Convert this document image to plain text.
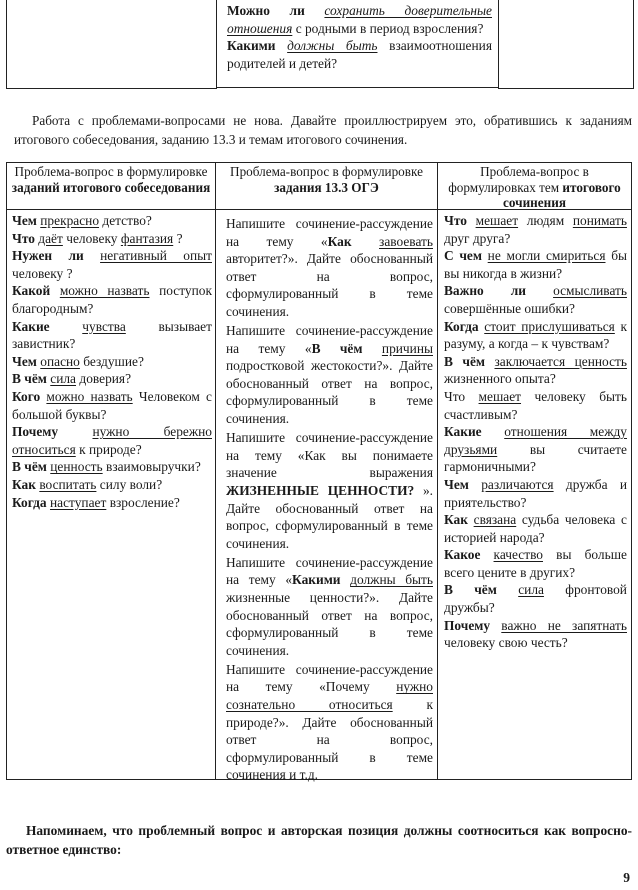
Можно ли сохранить доверительные отношения с родными в период взросления?
Какими должны быть взаимоотношения родителей и детей?
Работа с проблемами-вопросами не нова. Давайте проиллюстрируем это, обратившись к заданиям итогового собеседования, заданию 13.3 и темам итогового сочинения.
Проблема-вопрос в формулировке заданий итогового собеседования

Чем прекрасно детство?

Что даёт человеку фантазия ?

Нужен ли негативный опыт человеку ?

Какой можно назвать поступок благородным?

Какие чувства вызывает завистник?

Чем опасно бездушие?

В чём сила доверия?

Кого можно назвать Человеком с большой буквы?

Почему	нужно бережно относиться к природе?

В чём ценность взаимовыручки?

Как воспитать силу воли?

Когда наступает взросление?

Проблема-вопрос в формулировке задания 13.3 ОГЭ

Напишите сочинение-рассуждение на тему «Как завоевать авторитет?». Дайте обоснованный ответ на вопрос, сформулированный в теме сочинения.

Напишите сочинение-рассуждение на тему «В чём причины подростковой жестокости?». Дайте обоснованный ответ на вопрос, сформулированный в теме сочинения.

Напишите сочинение-рассуждение на тему «Как вы понимаете значение выражения ЖИЗНЕННЫЕ ЦЕННОСТИ? ». Дайте обоснованный ответ на вопрос, сформулированный в теме сочинения.

Напишите сочинение-рассуждение на тему «Какими должны быть жизненные ценности?». Дайте обоснованный ответ на вопрос, сформулированный в теме сочинения.

Напишите сочинение-рассуждение на тему «Почему нужно сознательно относиться	к природе?». Дайте обоснованный ответ на вопрос, сформулированный в теме сочинения и т.д.

Проблема-вопрос в формулировках тем итогового сочинения

Что мешает людям понимать друг друга?

С чем не могли смириться бы вы никогда в жизни?

Важно ли осмысливать совершённые ошибки?

Когда стоит прислушиваться к разуму, а когда – к чувствам?

В чём заключается ценность жизненного опыта?

Что мешает человеку быть счастливым?

Какие отношения между друзьями вы считаете гармоничными?

Чем различаются дружба и приятельство?

Как связана судьба человека с историей народа?

Какое качество вы больше всего цените в других?

В чём сила фронтовой дружбы?

Почему важно не запятнать человеку свою честь?

Напоминаем, что проблемный вопрос и авторская позиция должны соотноситься как вопросно-ответное единство:
9
